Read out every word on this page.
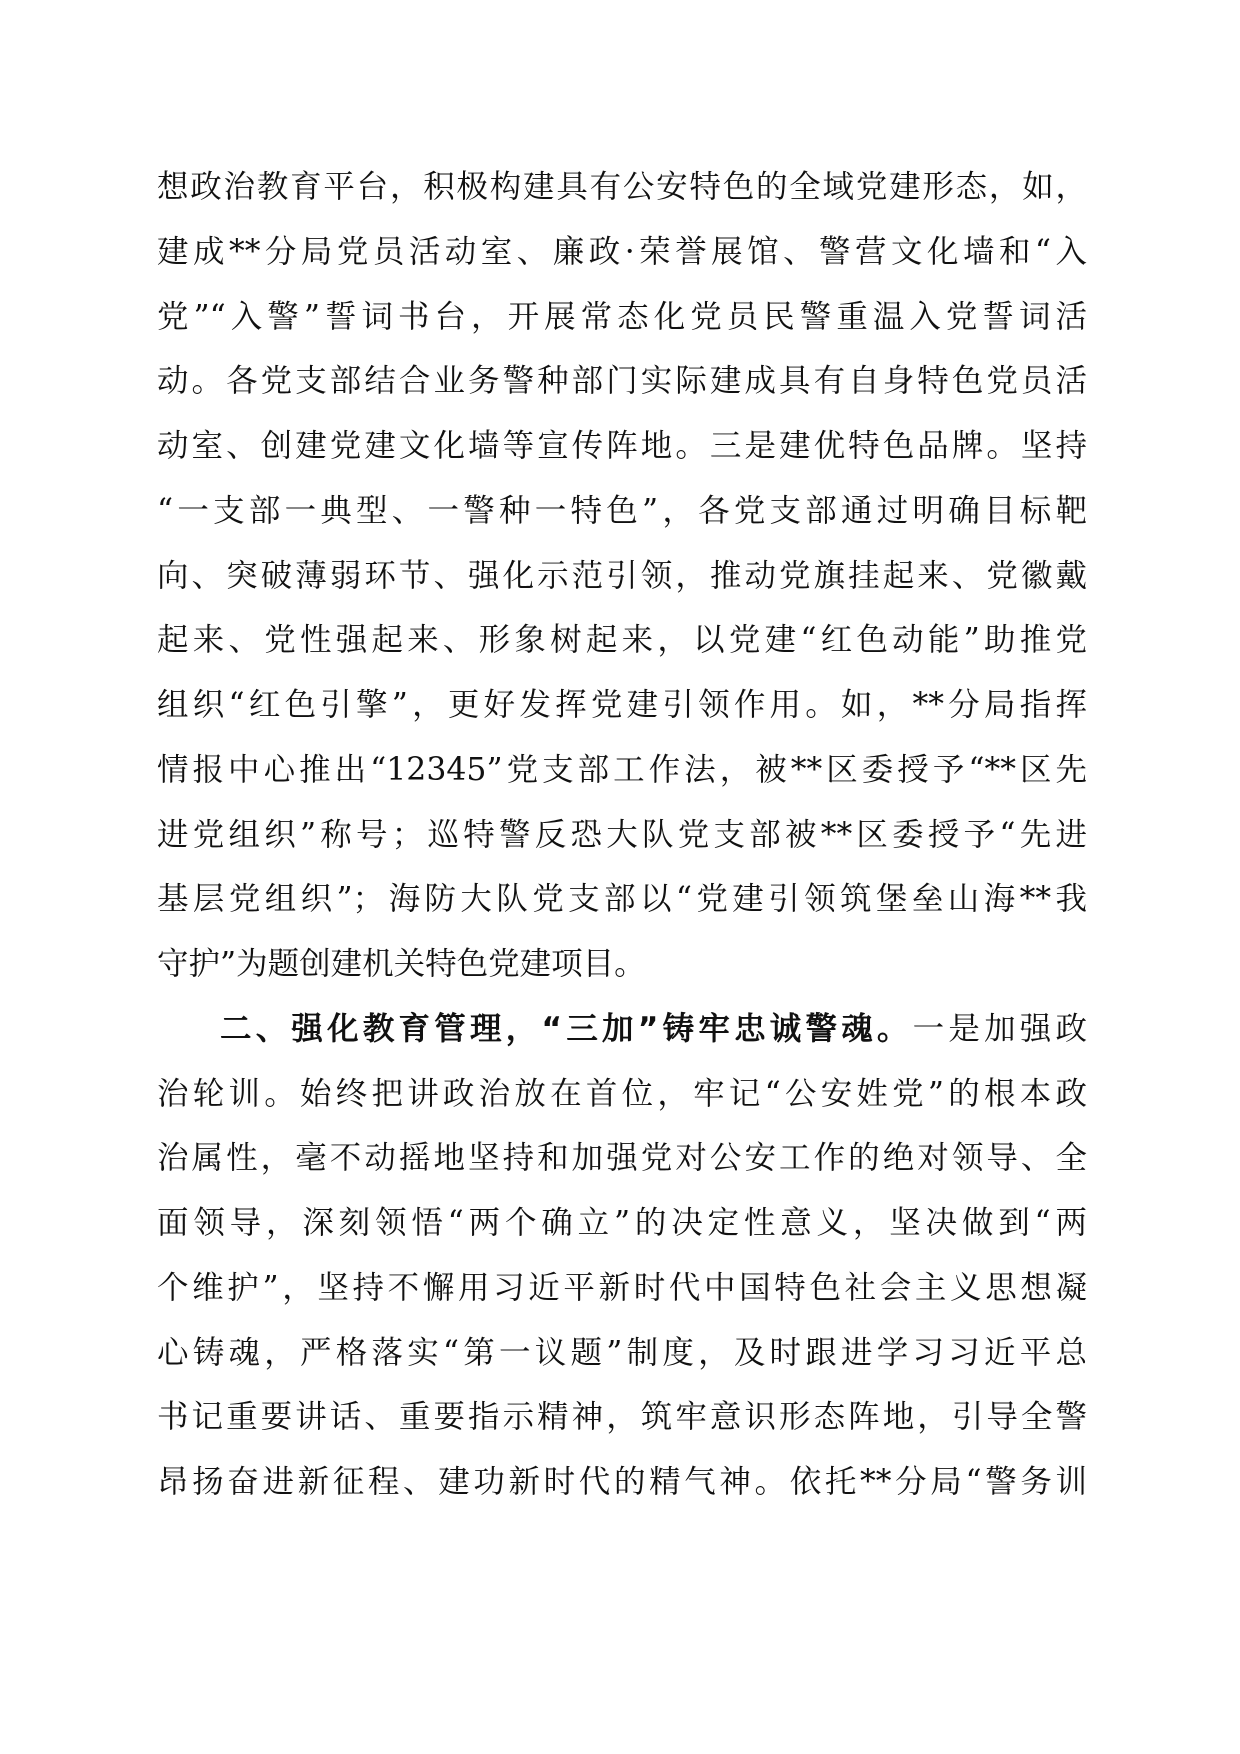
想政治教育平台，积极构建具有公安特色的全域党建形态，如，
建成**分局党员活动室、廉政·荣誉展馆、警营文化墙和“入
党”“入警”誓词书台，开展常态化党员民警重温入党誓词活
动。各党支部结合业务警种部门实际建成具有自身特色党员活
动室、创建党建文化墙等宣传阵地。三是建优特色品牌。坚持
“一支部一典型、一警种一特色”，各党支部通过明确目标靶
向、突破薄弱环节、强化示范引领，推动党旗挂起来、党徽戴
起来、党性强起来、形象树起来，以党建“红色动能”助推党
组织“红色引擎”，更好发挥党建引领作用。如，**分局指挥
情报中心推出“12345”党支部工作法，被**区委授予“**区先
进党组织”称号；巡特警反恐大队党支部被**区委授予“先进
基层党组织”；海防大队党支部以“党建引领筑堡垒山海**我
守护”为题创建机关特色党建项目。
二、强化教育管理，“三加”铸牢忠诚警魂。一是加强政
治轮训。始终把讲政治放在首位，牢记“公安姓党”的根本政
治属性，毫不动摇地坚持和加强党对公安工作的绝对领导、全
面领导，深刻领悟“两个确立”的决定性意义，坚决做到“两
个维护”，坚持不懈用习近平新时代中国特色社会主义思想凝
心铸魂，严格落实“第一议题”制度，及时跟进学习习近平总
书记重要讲话、重要指示精神，筑牢意识形态阵地，引导全警
昂扬奋进新征程、建功新时代的精气神。依托**分局“警务训
